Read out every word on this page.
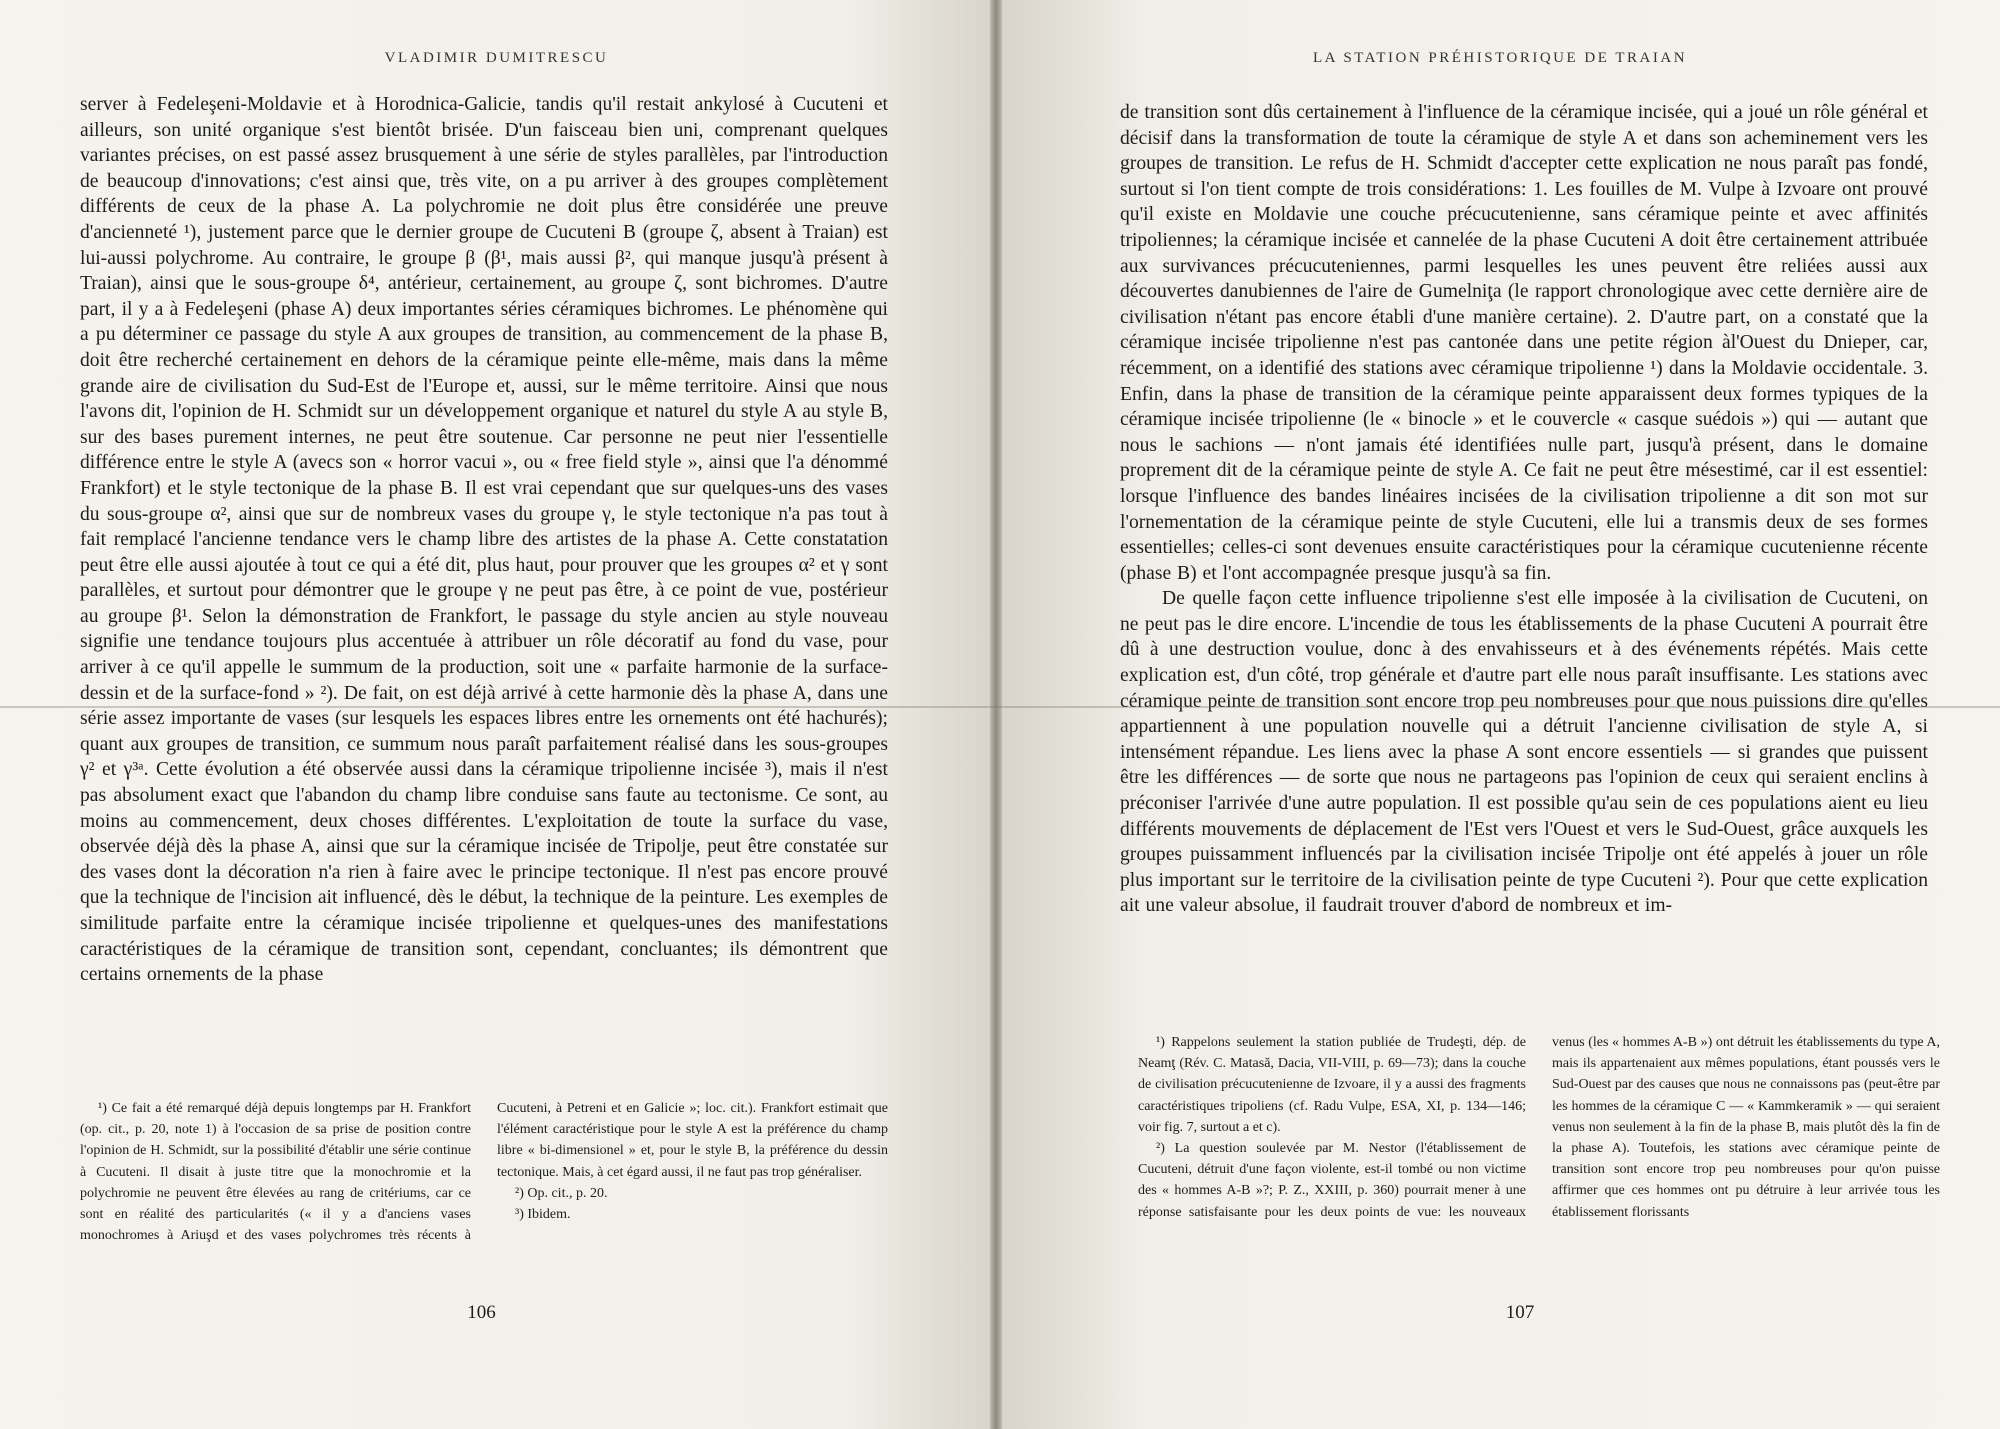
VLADIMIR DUMITRESCU

server à Fedeleşeni-Moldavie et à Horodnica-Galicie, tandis qu'il restait ankylosé à Cucuteni et ailleurs, son unité organique s'est bientôt brisée. D'un faisceau bien uni, comprenant quelques variantes précises, on est passé assez brusquement à une série de styles parallèles, par l'introduction de beaucoup d'innovations; c'est ainsi que, très vite, on a pu arriver à des groupes complètement différents de ceux de la phase A. La polychromie ne doit plus être considérée une preuve d'ancienneté ¹), justement parce que le dernier groupe de Cucuteni B (groupe ζ, absent à Traian) est lui-aussi polychrome. Au contraire, le groupe β (β¹, mais aussi β², qui manque jusqu'à présent à Traian), ainsi que le sous-groupe δ⁴, antérieur, certainement, au groupe ζ, sont bichromes. D'autre part, il y a à Fedeleşeni (phase A) deux importantes séries céramiques bichromes. Le phénomène qui a pu déterminer ce passage du style A aux groupes de transition, au commencement de la phase B, doit être recherché certainement en dehors de la céramique peinte elle-même, mais dans la même grande aire de civilisation du Sud-Est de l'Europe et, aussi, sur le même territoire. Ainsi que nous l'avons dit, l'opinion de H. Schmidt sur un développement organique et naturel du style A au style B, sur des bases purement internes, ne peut être soutenue. Car personne ne peut nier l'essentielle différence entre le style A (avecs son « horror vacui », ou « free field style », ainsi que l'a dénommé Frankfort) et le style tectonique de la phase B. Il est vrai cependant que sur quelques-uns des vases du sous-groupe α², ainsi que sur de nombreux vases du groupe γ, le style tectonique n'a pas tout à fait remplacé l'ancienne tendance vers le champ libre des artistes de la phase A. Cette constatation peut être elle aussi ajoutée à tout ce qui a été dit, plus haut, pour prouver que les groupes α² et γ sont parallèles, et surtout pour démontrer que le groupe γ ne peut pas être, à ce point de vue, postérieur au groupe β¹. Selon la démonstration de Frankfort, le passage du style ancien au style nouveau signifie une tendance toujours plus accentuée à attribuer un rôle décoratif au fond du vase, pour arriver à ce qu'il appelle le summum de la production, soit une « parfaite harmonie de la surface-dessin et de la surface-fond » ²). De fait, on est déjà arrivé à cette harmonie dès la phase A, dans une série assez importante de vases (sur lesquels les espaces libres entre les ornements ont été hachurés); quant aux groupes de transition, ce summum nous paraît parfaitement réalisé dans les sous-groupes γ² et γ³ᵃ. Cette évolution a été observée aussi dans la céramique tripolienne incisée ³), mais il n'est pas absolument exact que l'abandon du champ libre conduise sans faute au tectonisme. Ce sont, au moins au commencement, deux choses différentes. L'exploitation de toute la surface du vase, observée déjà dès la phase A, ainsi que sur la céramique incisée de Tripolje, peut être constatée sur des vases dont la décoration n'a rien à faire avec le principe tectonique. Il n'est pas encore prouvé que la technique de l'incision ait influencé, dès le début, la technique de la peinture. Les exemples de similitude parfaite entre la céramique incisée tripolienne et quelques-unes des manifestations caractéristiques de la céramique de transition sont, cependant, concluantes; ils démontrent que certains ornements de la phase

¹) Ce fait a été remarqué déjà depuis longtemps par H. Frankfort (op. cit., p. 20, note 1) à l'occasion de sa prise de position contre l'opinion de H. Schmidt, sur la possibilité d'établir une série continue à Cucuteni. Il disait à juste titre que la monochromie et la polychromie ne peuvent être élevées au rang de critériums, car ce sont en réalité des particularités (« il y a d'anciens vases monochromes à Ariuşd et des vases polychromes très récents à Cucuteni, à Petreni et en Galicie »; loc. cit.). Frankfort estimait que l'élément caractéristique pour le style A est la préférence du champ libre « bi-dimensionel » et, pour le style B, la préférence du dessin tectonique. Mais, à cet égard aussi, il ne faut pas trop généraliser.

²) Op. cit., p. 20.

³) Ibidem.

106
LA STATION PRÉHISTORIQUE DE TRAIAN

de transition sont dûs certainement à l'influence de la céramique incisée, qui a joué un rôle général et décisif dans la transformation de toute la céramique de style A et dans son acheminement vers les groupes de transition. Le refus de H. Schmidt d'accepter cette explication ne nous paraît pas fondé, surtout si l'on tient compte de trois considérations: 1. Les fouilles de M. Vulpe à Izvoare ont prouvé qu'il existe en Moldavie une couche précucutenienne, sans céramique peinte et avec affinités tripoliennes; la céramique incisée et cannelée de la phase Cucuteni A doit être certainement attribuée aux survivances précucuteniennes, parmi lesquelles les unes peuvent être reliées aussi aux découvertes danubiennes de l'aire de Gumelniţa (le rapport chronologique avec cette dernière aire de civilisation n'étant pas encore établi d'une manière certaine). 2. D'autre part, on a constaté que la céramique incisée tripolienne n'est pas cantonée dans une petite région àl'Ouest du Dnieper, car, récemment, on a identifié des stations avec céramique tripolienne ¹) dans la Moldavie occidentale. 3. Enfin, dans la phase de transition de la céramique peinte apparaissent deux formes typiques de la céramique incisée tripolienne (le « binocle » et le couvercle « casque suédois ») qui — autant que nous le sachions — n'ont jamais été identifiées nulle part, jusqu'à présent, dans le domaine proprement dit de la céramique peinte de style A. Ce fait ne peut être mésestimé, car il est essentiel: lorsque l'influence des bandes linéaires incisées de la civilisation tripolienne a dit son mot sur l'ornementation de la céramique peinte de style Cucuteni, elle lui a transmis deux de ses formes essentielles; celles-ci sont devenues ensuite caractéristiques pour la céramique cucutenienne récente (phase B) et l'ont accompagnée presque jusqu'à sa fin.

De quelle façon cette influence tripolienne s'est elle imposée à la civilisation de Cucuteni, on ne peut pas le dire encore. L'incendie de tous les établissements de la phase Cucuteni A pourrait être dû à une destruction voulue, donc à des envahisseurs et à des événements répétés. Mais cette explication est, d'un côté, trop générale et d'autre part elle nous paraît insuffisante. Les stations avec céramique peinte de transition sont encore trop peu nombreuses pour que nous puissions dire qu'elles appartiennent à une population nouvelle qui a détruit l'ancienne civilisation de style A, si intensément répandue. Les liens avec la phase A sont encore essentiels — si grandes que puissent être les différences — de sorte que nous ne partageons pas l'opinion de ceux qui seraient enclins à préconiser l'arrivée d'une autre population. Il est possible qu'au sein de ces populations aient eu lieu différents mouvements de déplacement de l'Est vers l'Ouest et vers le Sud-Ouest, grâce auxquels les groupes puissamment influencés par la civilisation incisée Tripolje ont été appelés à jouer un rôle plus important sur le territoire de la civilisation peinte de type Cucuteni ²). Pour que cette explication ait une valeur absolue, il faudrait trouver d'abord de nombreux et im-

¹) Rappelons seulement la station publiée de Trudeşti, dép. de Neamţ (Rév. C. Matasă, Dacia, VII-VIII, p. 69—73); dans la couche de civilisation précucutenienne de Izvoare, il y a aussi des fragments caractéristiques tripoliens (cf. Radu Vulpe, ESA, XI, p. 134—146; voir fig. 7, surtout a et c).

²) La question soulevée par M. Nestor (l'établissement de Cucuteni, détruit d'une façon violente, est-il tombé ou non victime des « hommes A-B »?; P. Z., XXIII, p. 360) pourrait mener à une réponse satisfaisante pour les deux points de vue: les nouveaux venus (les « hommes A-B ») ont détruit les établissements du type A, mais ils appartenaient aux mêmes populations, étant poussés vers le Sud-Ouest par des causes que nous ne connaissons pas (peut-être par les hommes de la céramique C — « Kammkeramik » — qui seraient venus non seulement à la fin de la phase B, mais plutôt dès la fin de la phase A). Toutefois, les stations avec céramique peinte de transition sont encore trop peu nombreuses pour qu'on puisse affirmer que ces hommes ont pu détruire à leur arrivée tous les établissement florissants

107
